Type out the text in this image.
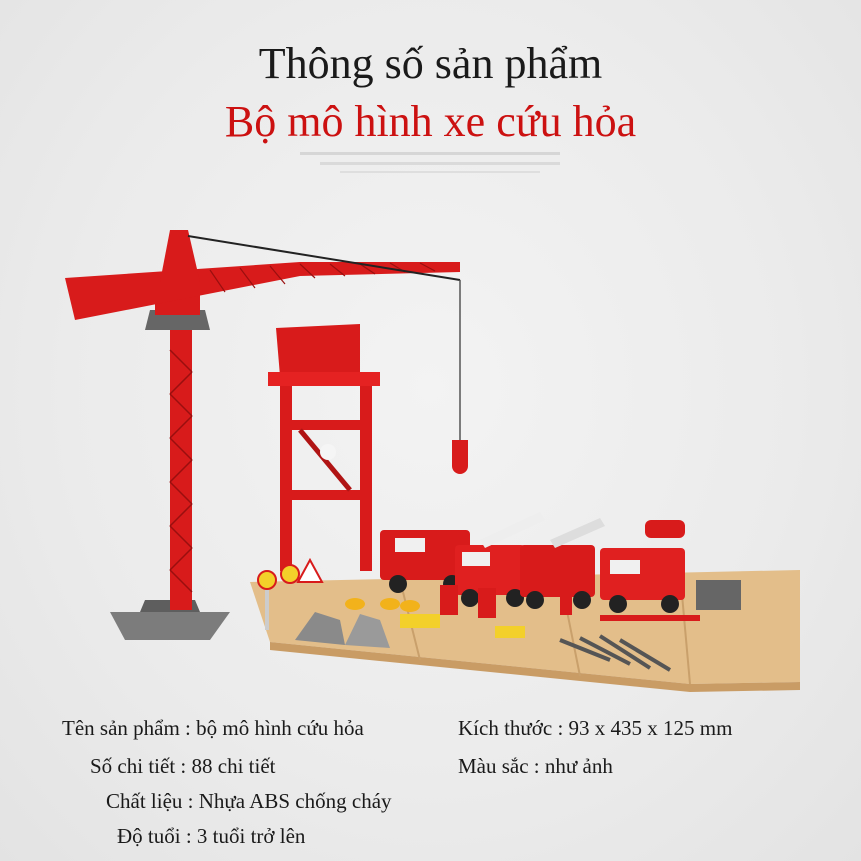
Thông số sản phẩm
Bộ mô hình xe cứu hỏa
Tên sản phẩm : bộ mô hình cứu hỏa	Kích thước : 93 x 435 x 125 mm
Số chi tiết : 88 chi tiết	Màu sắc : như ảnh
Chất liệu : Nhựa ABS chống cháy
Độ tuổi : 3 tuổi trở lên
